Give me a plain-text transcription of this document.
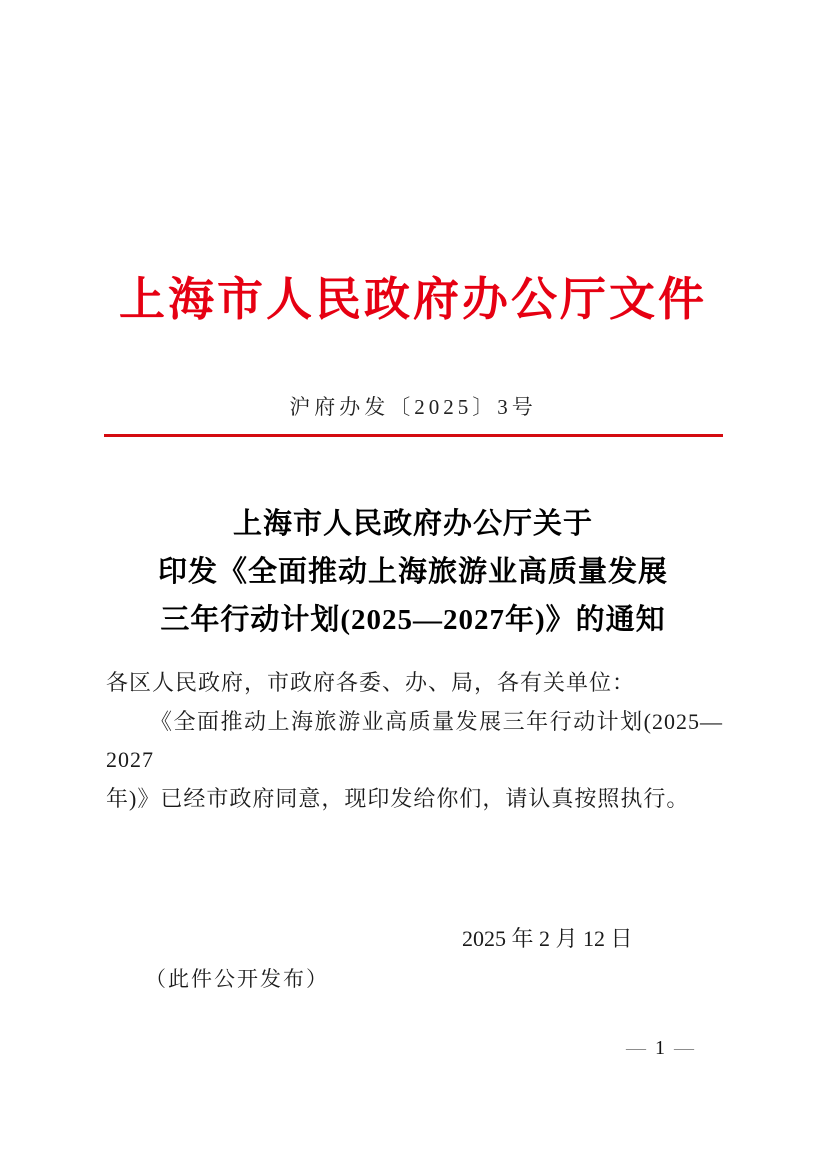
上海市人民政府办公厅文件
沪府办发〔2025〕3号
上海市人民政府办公厅关于
印发《全面推动上海旅游业高质量发展
三年行动计划(2025—2027年)》的通知
各区人民政府，市政府各委、办、局，各有关单位：
《全面推动上海旅游业高质量发展三年行动计划(2025—2027
年)》已经市政府同意，现印发给你们，请认真按照执行。
2025 年 2 月 12 日
（此件公开发布）
— 1 —
